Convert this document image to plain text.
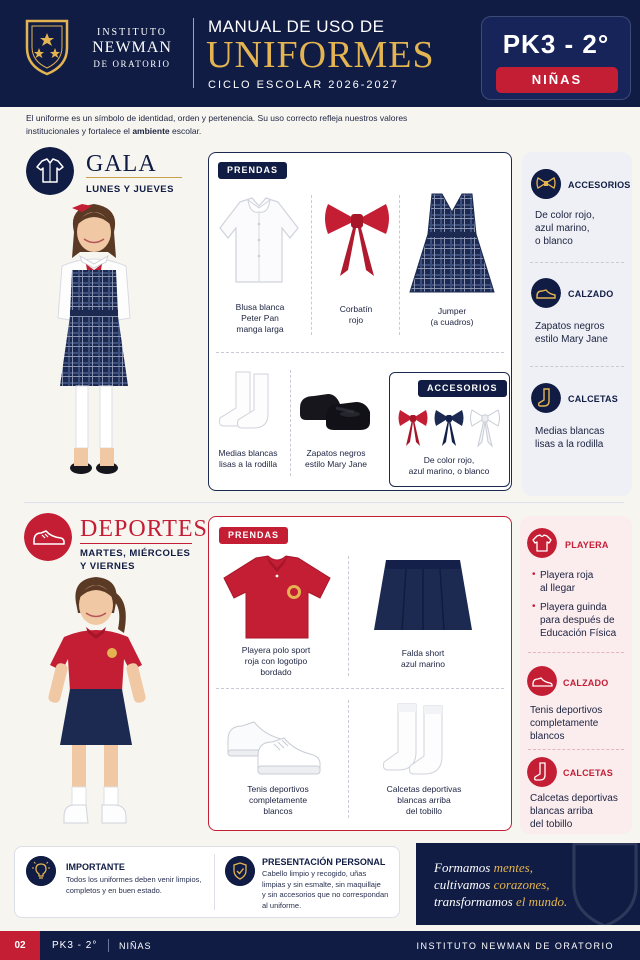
INSTITUTO
NEWMAN
DE ORATORIO
MANUAL DE USO DE
UNIFORMES
CICLO ESCOLAR 2026-2027
PK3 - 2°
NIÑAS
El uniforme es un símbolo de identidad, orden y pertenencia. Su uso correcto refleja nuestros valores institucionales y fortalece el ambiente escolar.
GALA
LUNES Y JUEVES
PRENDAS
Blusa blanca
Peter Pan
manga larga
Corbatín
rojo
Jumper
(a cuadros)
Medias blancas
lisas a la rodilla
Zapatos negros
estilo Mary Jane
ACCESORIOS
De color rojo,
azul marino, o blanco
ACCESORIOS
De color rojo,
azul marino,
o blanco
CALZADO
Zapatos negros
estilo Mary Jane
CALCETAS
Medias blancas
lisas a la rodilla
DEPORTES
MARTES, MIÉRCOLES
Y VIERNES
PRENDAS
Playera polo sport
roja con logotipo
bordado
Falda short
azul marino
Tenis deportivos
completamente
blancos
Calcetas deportivas
blancas arriba
del tobillo
PLAYERA
• Playera roja
al llegar
• Playera guinda
para después de
Educación Física
CALZADO
Tenis deportivos
completamente
blancos
CALCETAS
Calcetas deportivas
blancas arriba
del tobillo
IMPORTANTE
Todos los uniformes deben venir limpios,
completos y en buen estado.
PRESENTACIÓN PERSONAL
Cabello limpio y recogido, uñas
limpias y sin esmalte, sin maquillaje
y sin accesorios que no correspondan
al uniforme.
Formamos mentes,
cultivamos corazones,
transformamos el mundo.
02	PK3 - 2° NIÑAS	INSTITUTO NEWMAN DE ORATORIO
